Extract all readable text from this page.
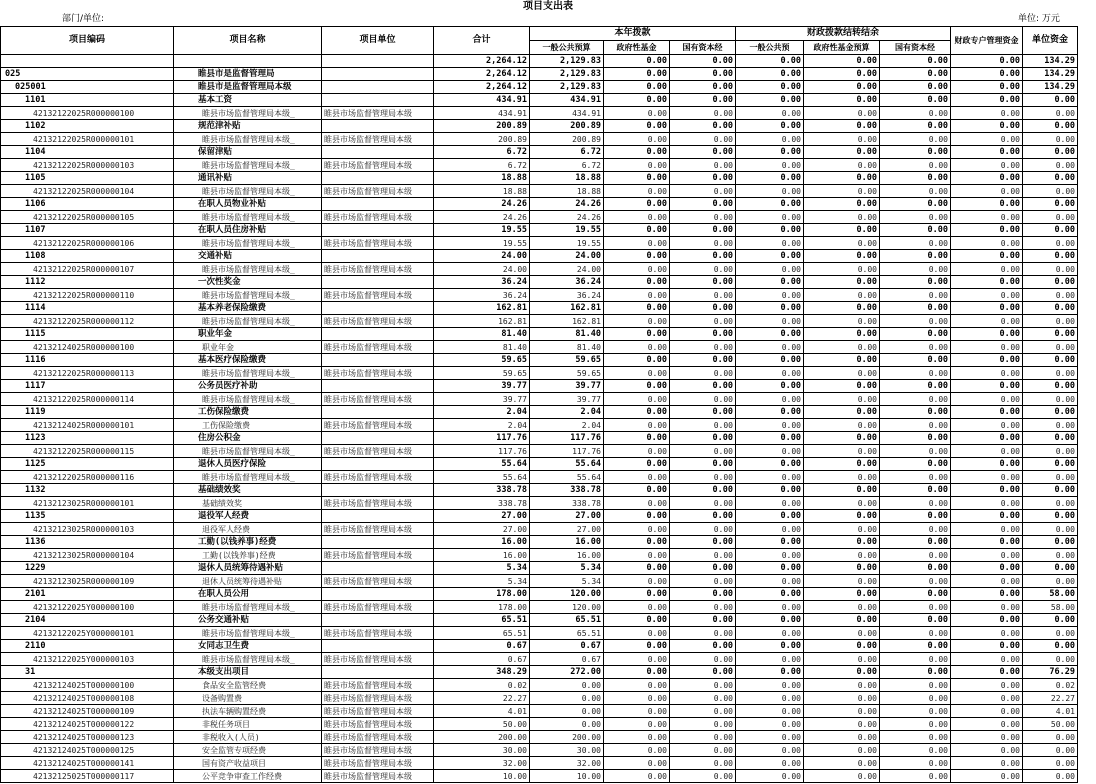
项目支出表
部门/单位:	单位: 万元
项目编码	项目名称	项目单位	合计	本年拨款			财政拨款结转结余			财政专户管理资金	单位资金
				一般公共预算	政府性基金	国有资本经	一般公共预	政府性基金预算	国有资本经		
			2,264.12	2,129.83	0.00	0.00	0.00	0.00	0.00	0.00	134.29
025	睢县市是监督管理局		2,264.12	2,129.83	0.00	0.00	0.00	0.00	0.00	0.00	134.29
025001	睢县市是监督管理局本级		2,264.12	2,129.83	0.00	0.00	0.00	0.00	0.00	0.00	134.29
1101	基本工资		434.91	434.91	0.00	0.00	0.00	0.00	0.00	0.00	0.00
42132122025R000000100	睢县市场监督管理局本级_	睢县市场监督管理局本级	434.91	434.91	0.00	0.00	0.00	0.00	0.00	0.00	0.00
1102	规范津补贴		200.89	200.89	0.00	0.00	0.00	0.00	0.00	0.00	0.00
42132122025R000000101	睢县市场监督管理局本级_	睢县市场监督管理局本级	200.89	200.89	0.00	0.00	0.00	0.00	0.00	0.00	0.00
1104	保留津贴		6.72	6.72	0.00	0.00	0.00	0.00	0.00	0.00	0.00
42132122025R000000103	睢县市场监督管理局本级_	睢县市场监督管理局本级	6.72	6.72	0.00	0.00	0.00	0.00	0.00	0.00	0.00
1105	通讯补贴		18.88	18.88	0.00	0.00	0.00	0.00	0.00	0.00	0.00
42132122025R000000104	睢县市场监督管理局本级_	睢县市场监督管理局本级	18.88	18.88	0.00	0.00	0.00	0.00	0.00	0.00	0.00
1106	在职人员物业补贴		24.26	24.26	0.00	0.00	0.00	0.00	0.00	0.00	0.00
42132122025R000000105	睢县市场监督管理局本级_	睢县市场监督管理局本级	24.26	24.26	0.00	0.00	0.00	0.00	0.00	0.00	0.00
1107	在职人员住房补贴		19.55	19.55	0.00	0.00	0.00	0.00	0.00	0.00	0.00
42132122025R000000106	睢县市场监督管理局本级_	睢县市场监督管理局本级	19.55	19.55	0.00	0.00	0.00	0.00	0.00	0.00	0.00
1108	交通补贴		24.00	24.00	0.00	0.00	0.00	0.00	0.00	0.00	0.00
42132122025R000000107	睢县市场监督管理局本级_	睢县市场监督管理局本级	24.00	24.00	0.00	0.00	0.00	0.00	0.00	0.00	0.00
1112	一次性奖金		36.24	36.24	0.00	0.00	0.00	0.00	0.00	0.00	0.00
42132122025R000000110	睢县市场监督管理局本级_	睢县市场监督管理局本级	36.24	36.24	0.00	0.00	0.00	0.00	0.00	0.00	0.00
1114	基本养老保险缴费		162.81	162.81	0.00	0.00	0.00	0.00	0.00	0.00	0.00
42132122025R000000112	睢县市场监督管理局本级_	睢县市场监督管理局本级	162.81	162.81	0.00	0.00	0.00	0.00	0.00	0.00	0.00
1115	职业年金		81.40	81.40	0.00	0.00	0.00	0.00	0.00	0.00	0.00
42132124025R000000100	职业年金	睢县市场监督管理局本级	81.40	81.40	0.00	0.00	0.00	0.00	0.00	0.00	0.00
1116	基本医疗保险缴费		59.65	59.65	0.00	0.00	0.00	0.00	0.00	0.00	0.00
42132122025R000000113	睢县市场监督管理局本级_	睢县市场监督管理局本级	59.65	59.65	0.00	0.00	0.00	0.00	0.00	0.00	0.00
1117	公务员医疗补助		39.77	39.77	0.00	0.00	0.00	0.00	0.00	0.00	0.00
42132122025R000000114	睢县市场监督管理局本级_	睢县市场监督管理局本级	39.77	39.77	0.00	0.00	0.00	0.00	0.00	0.00	0.00
1119	工伤保险缴费		2.04	2.04	0.00	0.00	0.00	0.00	0.00	0.00	0.00
42132124025R000000101	工伤保险缴费	睢县市场监督管理局本级	2.04	2.04	0.00	0.00	0.00	0.00	0.00	0.00	0.00
1123	住房公积金		117.76	117.76	0.00	0.00	0.00	0.00	0.00	0.00	0.00
42132122025R000000115	睢县市场监督管理局本级_	睢县市场监督管理局本级	117.76	117.76	0.00	0.00	0.00	0.00	0.00	0.00	0.00
1125	退休人员医疗保险		55.64	55.64	0.00	0.00	0.00	0.00	0.00	0.00	0.00
42132122025R000000116	睢县市场监督管理局本级_	睢县市场监督管理局本级	55.64	55.64	0.00	0.00	0.00	0.00	0.00	0.00	0.00
1132	基础绩效奖		338.78	338.78	0.00	0.00	0.00	0.00	0.00	0.00	0.00
42132123025R000000101	基础绩效奖	睢县市场监督管理局本级	338.78	338.78	0.00	0.00	0.00	0.00	0.00	0.00	0.00
1135	退役军人经费		27.00	27.00	0.00	0.00	0.00	0.00	0.00	0.00	0.00
42132123025R000000103	退役军人经费	睢县市场监督管理局本级	27.00	27.00	0.00	0.00	0.00	0.00	0.00	0.00	0.00
1136	工勤(以钱养事)经费		16.00	16.00	0.00	0.00	0.00	0.00	0.00	0.00	0.00
42132123025R000000104	工勤(以钱养事)经费	睢县市场监督管理局本级	16.00	16.00	0.00	0.00	0.00	0.00	0.00	0.00	0.00
1229	退休人员统筹待遇补贴		5.34	5.34	0.00	0.00	0.00	0.00	0.00	0.00	0.00
42132123025R000000109	退休人员统筹待遇补贴	睢县市场监督管理局本级	5.34	5.34	0.00	0.00	0.00	0.00	0.00	0.00	0.00
2101	在职人员公用		178.00	120.00	0.00	0.00	0.00	0.00	0.00	0.00	58.00
42132122025Y000000100	睢县市场监督管理局本级_	睢县市场监督管理局本级	178.00	120.00	0.00	0.00	0.00	0.00	0.00	0.00	58.00
2104	公务交通补贴		65.51	65.51	0.00	0.00	0.00	0.00	0.00	0.00	0.00
42132122025Y000000101	睢县市场监督管理局本级_	睢县市场监督管理局本级	65.51	65.51	0.00	0.00	0.00	0.00	0.00	0.00	0.00
2110	女同志卫生费		0.67	0.67	0.00	0.00	0.00	0.00	0.00	0.00	0.00
42132122025Y000000103	睢县市场监督管理局本级_	睢县市场监督管理局本级	0.67	0.67	0.00	0.00	0.00	0.00	0.00	0.00	0.00
31	本级支出项目		348.29	272.00	0.00	0.00	0.00	0.00	0.00	0.00	76.29
42132124025T000000100	食品安全监管经费	睢县市场监督管理局本级	0.02	0.00	0.00	0.00	0.00	0.00	0.00	0.00	0.02
42132124025T000000108	设备购置费	睢县市场监督管理局本级	22.27	0.00	0.00	0.00	0.00	0.00	0.00	0.00	22.27
42132124025T000000109	执法车辆购置经费	睢县市场监督管理局本级	4.01	0.00	0.00	0.00	0.00	0.00	0.00	0.00	4.01
42132124025T000000122	非税任务项目	睢县市场监督管理局本级	50.00	0.00	0.00	0.00	0.00	0.00	0.00	0.00	50.00
42132124025T000000123	非税收入(人员)	睢县市场监督管理局本级	200.00	200.00	0.00	0.00	0.00	0.00	0.00	0.00	0.00
42132124025T000000125	安全监管专项经费	睢县市场监督管理局本级	30.00	30.00	0.00	0.00	0.00	0.00	0.00	0.00	0.00
42132124025T000000141	国有资产收益项目	睢县市场监督管理局本级	32.00	32.00	0.00	0.00	0.00	0.00	0.00	0.00	0.00
42132125025T000000117	公平竞争审查工作经费	睢县市场监督管理局本级	10.00	10.00	0.00	0.00	0.00	0.00	0.00	0.00	0.00
